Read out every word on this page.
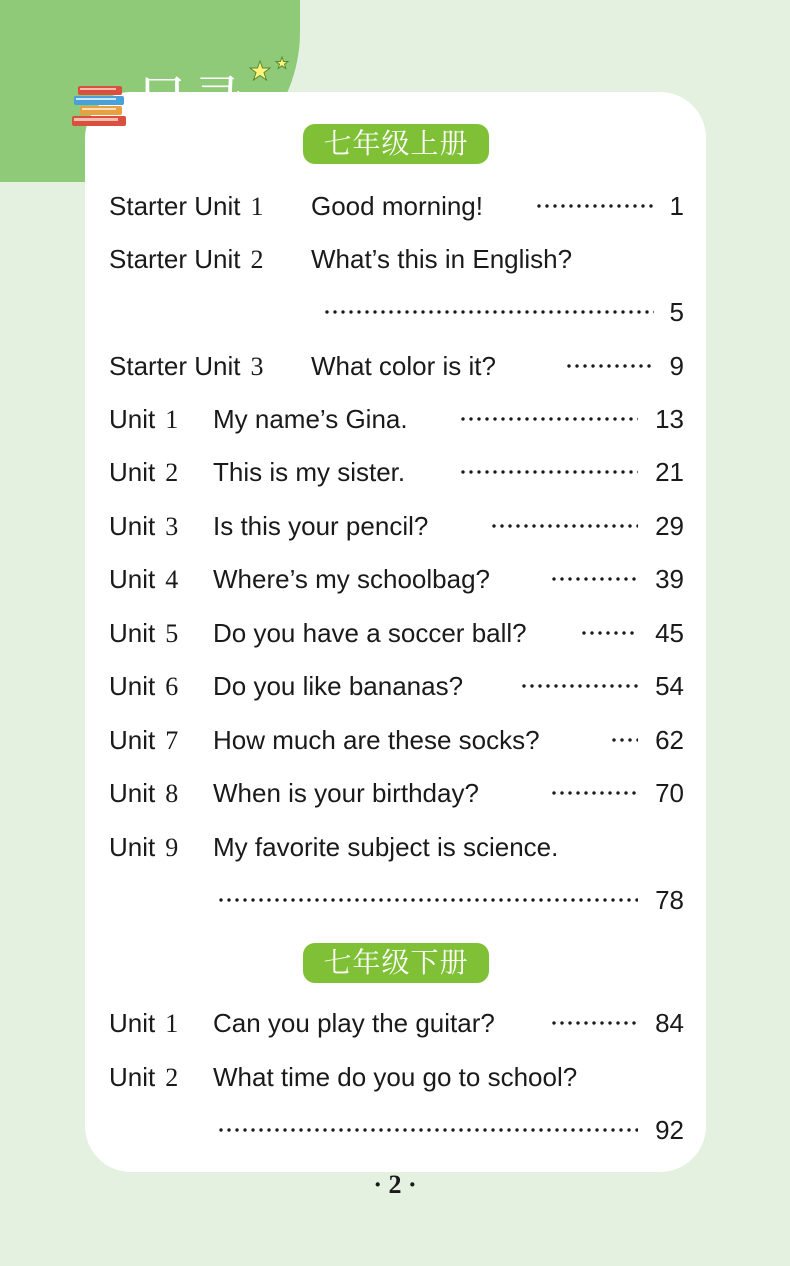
目录
七年级上册
七年级下册
Starter Unit 1 Good morning!	1
Starter Unit 2 What’s this in English?
5
Starter Unit 3 What color is it?	9
Unit 1 My name’s Gina.	13
Unit 2 This is my sister.	21
Unit 3 Is this your pencil?	29
Unit 4 Where’s my schoolbag?	39
Unit 5 Do you have a soccer ball?	45
Unit 6 Do you like bananas?	54
Unit 7 How much are these socks?	62
Unit 8 When is your birthday?	70
Unit 9 My favorite subject is science.
78
Unit 1 Can you play the guitar?	84
Unit 2 What time do you go to school?
92
· 2 ·
